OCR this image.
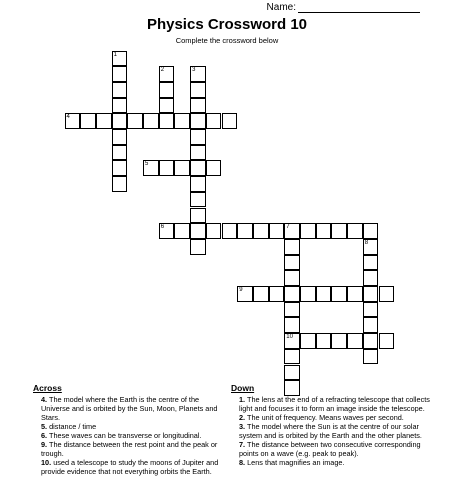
Name:
Physics Crossword 10
Complete the crossword below
1
2	3
4
5
6	7
10
8
9
Across
4. The model where the Earth is the centre of the Universe and is orbited by the Sun, Moon, Planets and Stars.
5. distance / time
6. These waves can be transverse or longitudinal.
9. The distance between the rest point and the peak or trough.
10. used a telescope to study the moons of Jupiter and provide evidence that not everything orbits the Earth.
Down
1. The lens at the end of a refracting telescope that collects light and focuses it to form an image inside the telescope.
2. The unit of frequency. Means waves per second.
3. The model where the Sun is at the centre of our solar system and is orbited by the Earth and the other planets.
7. The distance between two consecutive corresponding points on a wave (e.g. peak to peak).
8. Lens that magnifies an image.
